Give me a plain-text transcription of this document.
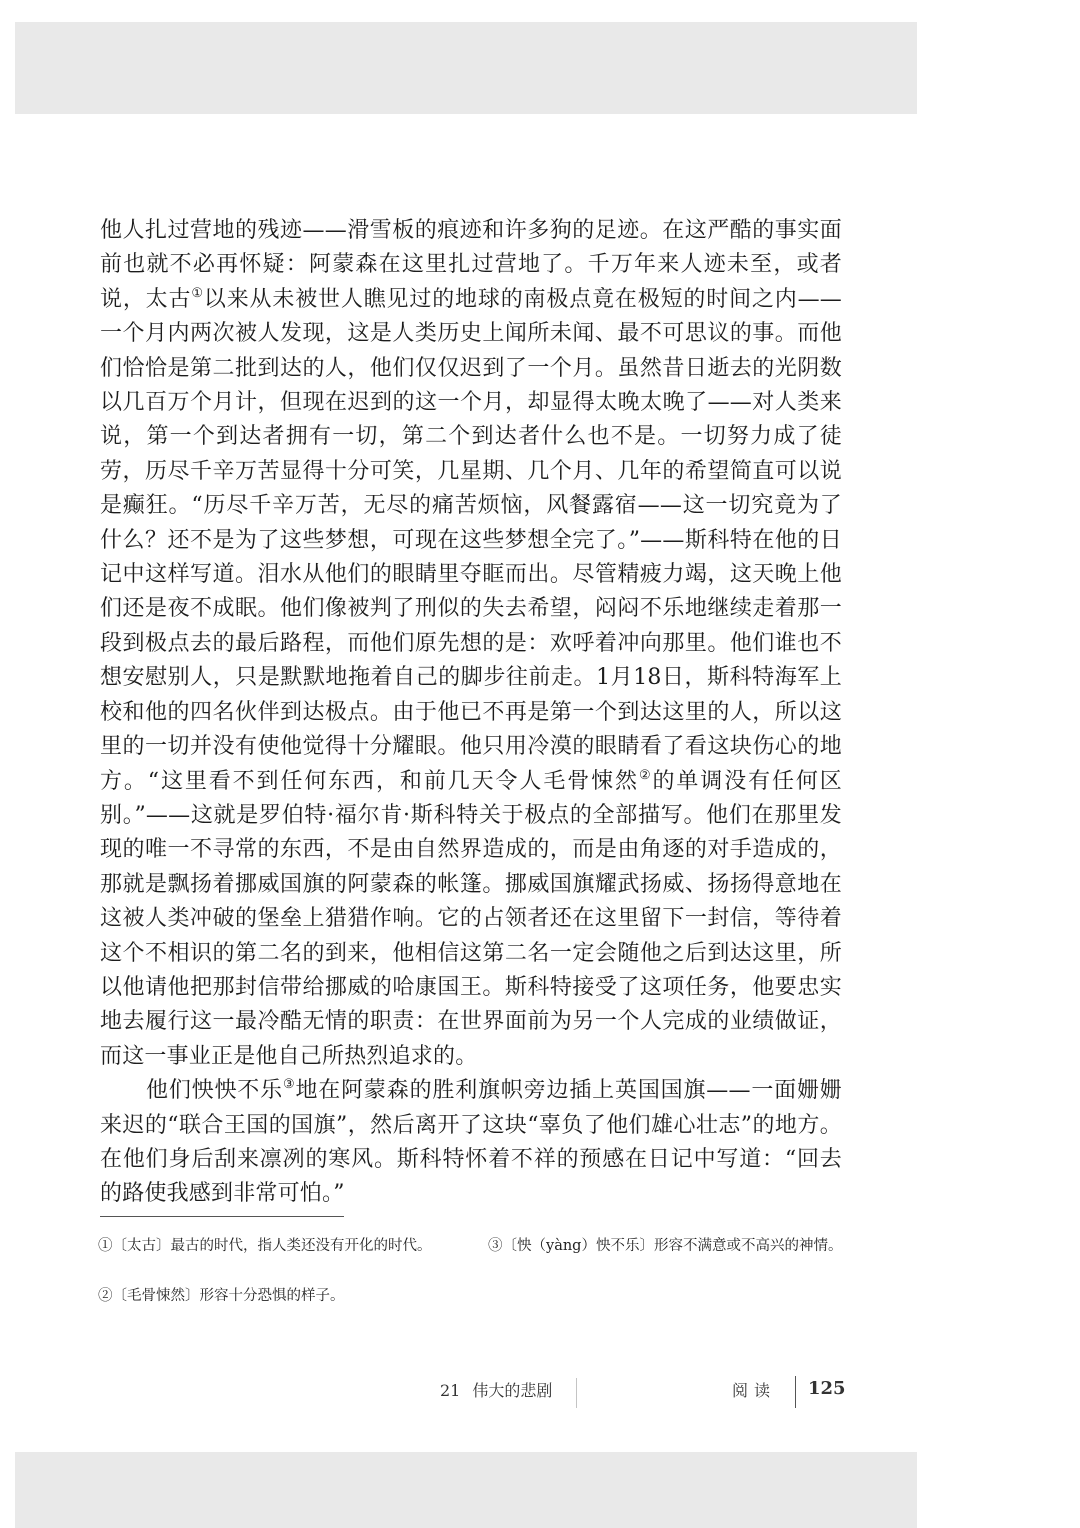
他人扎过营地的残迹——滑雪板的痕迹和许多狗的足迹。在这严酷的事实面前也就不必再怀疑：阿蒙森在这里扎过营地了。千万年来人迹未至，或者说，太古①以来从未被世人瞧见过的地球的南极点竟在极短的时间之内——一个月内两次被人发现，这是人类历史上闻所未闻、最不可思议的事。而他们恰恰是第二批到达的人，他们仅仅迟到了一个月。虽然昔日逝去的光阴数以几百万个月计，但现在迟到的这一个月，却显得太晚太晚了——对人类来说，第一个到达者拥有一切，第二个到达者什么也不是。一切努力成了徒劳，历尽千辛万苦显得十分可笑，几星期、几个月、几年的希望简直可以说是癫狂。“历尽千辛万苦，无尽的痛苦烦恼，风餐露宿——这一切究竟为了什么？还不是为了这些梦想，可现在这些梦想全完了。”——斯科特在他的日记中这样写道。泪水从他们的眼睛里夺眶而出。尽管精疲力竭，这天晚上他们还是夜不成眠。他们像被判了刑似的失去希望，闷闷不乐地继续走着那一段到极点去的最后路程，而他们原先想的是：欢呼着冲向那里。他们谁也不想安慰别人，只是默默地拖着自己的脚步往前走。1月18日，斯科特海军上校和他的四名伙伴到达极点。由于他已不再是第一个到达这里的人，所以这里的一切并没有使他觉得十分耀眼。他只用冷漠的眼睛看了看这块伤心的地方。“这里看不到任何东西，和前几天令人毛骨悚然②的单调没有任何区别。”——这就是罗伯特·福尔肯·斯科特关于极点的全部描写。他们在那里发现的唯一不寻常的东西，不是由自然界造成的，而是由角逐的对手造成的，那就是飘扬着挪威国旗的阿蒙森的帐篷。挪威国旗耀武扬威、扬扬得意地在这被人类冲破的堡垒上猎猎作响。它的占领者还在这里留下一封信，等待着这个不相识的第二名的到来，他相信这第二名一定会随他之后到达这里，所以他请他把那封信带给挪威的哈康国王。斯科特接受了这项任务，他要忠实地去履行这一最冷酷无情的职责：在世界面前为另一个人完成的业绩做证，而这一事业正是他自己所热烈追求的。

他们怏怏不乐③地在阿蒙森的胜利旗帜旁边插上英国国旗——一面姗姗来迟的“联合王国的国旗”，然后离开了这块“辜负了他们雄心壮志”的地方。在他们身后刮来凛冽的寒风。斯科特怀着不祥的预感在日记中写道：“回去的路使我感到非常可怕。”

①〔太古〕最古的时代，指人类还没有开化的时代。
②〔毛骨悚然〕形容十分恐惧的样子。
③〔怏（yàng）怏不乐〕形容不满意或不高兴的神情。
21 伟大的悲剧	阅读 125
